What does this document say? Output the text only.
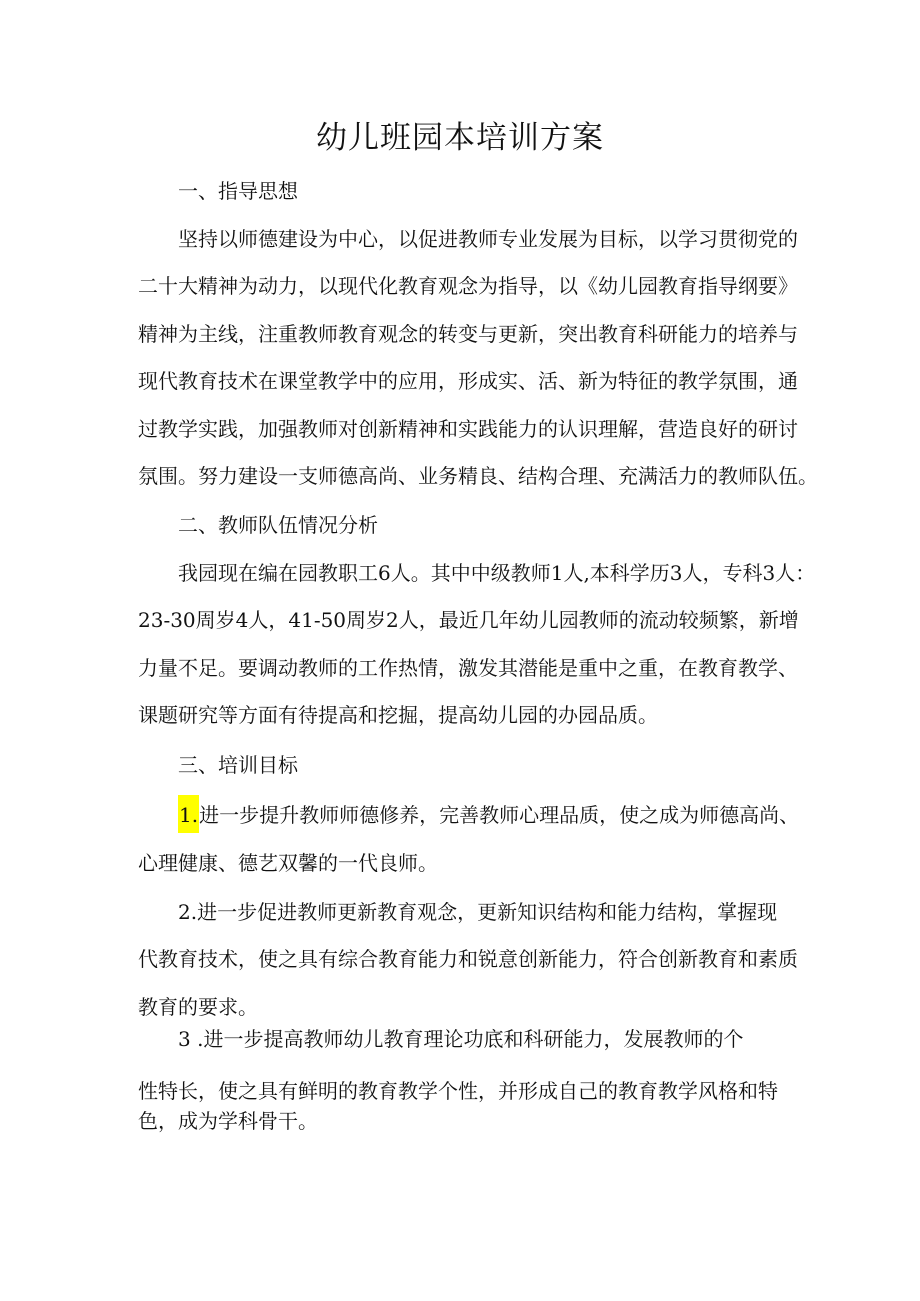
幼儿班园本培训方案
一、指导思想
坚持以师德建设为中心，以促进教师专业发展为目标，以学习贯彻党的
二十大精神为动力，以现代化教育观念为指导，以《幼儿园教育指导纲要》
精神为主线，注重教师教育观念的转变与更新，突出教育科研能力的培养与
现代教育技术在课堂教学中的应用，形成实、活、新为特征的教学氛围，通
过教学实践，加强教师对创新精神和实践能力的认识理解，营造良好的研讨
氛围。努力建设一支师德高尚、业务精良、结构合理、充满活力的教师队伍。
二、教师队伍情况分析
我园现在编在园教职工6人。其中中级教师1人,本科学历3人，专科3人：
23-30周岁4人，41-50周岁2人，最近几年幼儿园教师的流动较频繁，新增
力量不足。要调动教师的工作热情，激发其潜能是重中之重，在教育教学、
课题研究等方面有待提高和挖掘，提高幼儿园的办园品质。
三、培训目标
1.进一步提升教师师德修养，完善教师心理品质，使之成为师德高尚、
心理健康、德艺双馨的一代良师。
2.进一步促进教师更新教育观念，更新知识结构和能力结构，掌握现
代教育技术，使之具有综合教育能力和锐意创新能力，符合创新教育和素质
教育的要求。
3 .进一步提高教师幼儿教育理论功底和科研能力，发展教师的个
性特长，使之具有鲜明的教育教学个性，并形成自己的教育教学风格和特
色，成为学科骨干。
